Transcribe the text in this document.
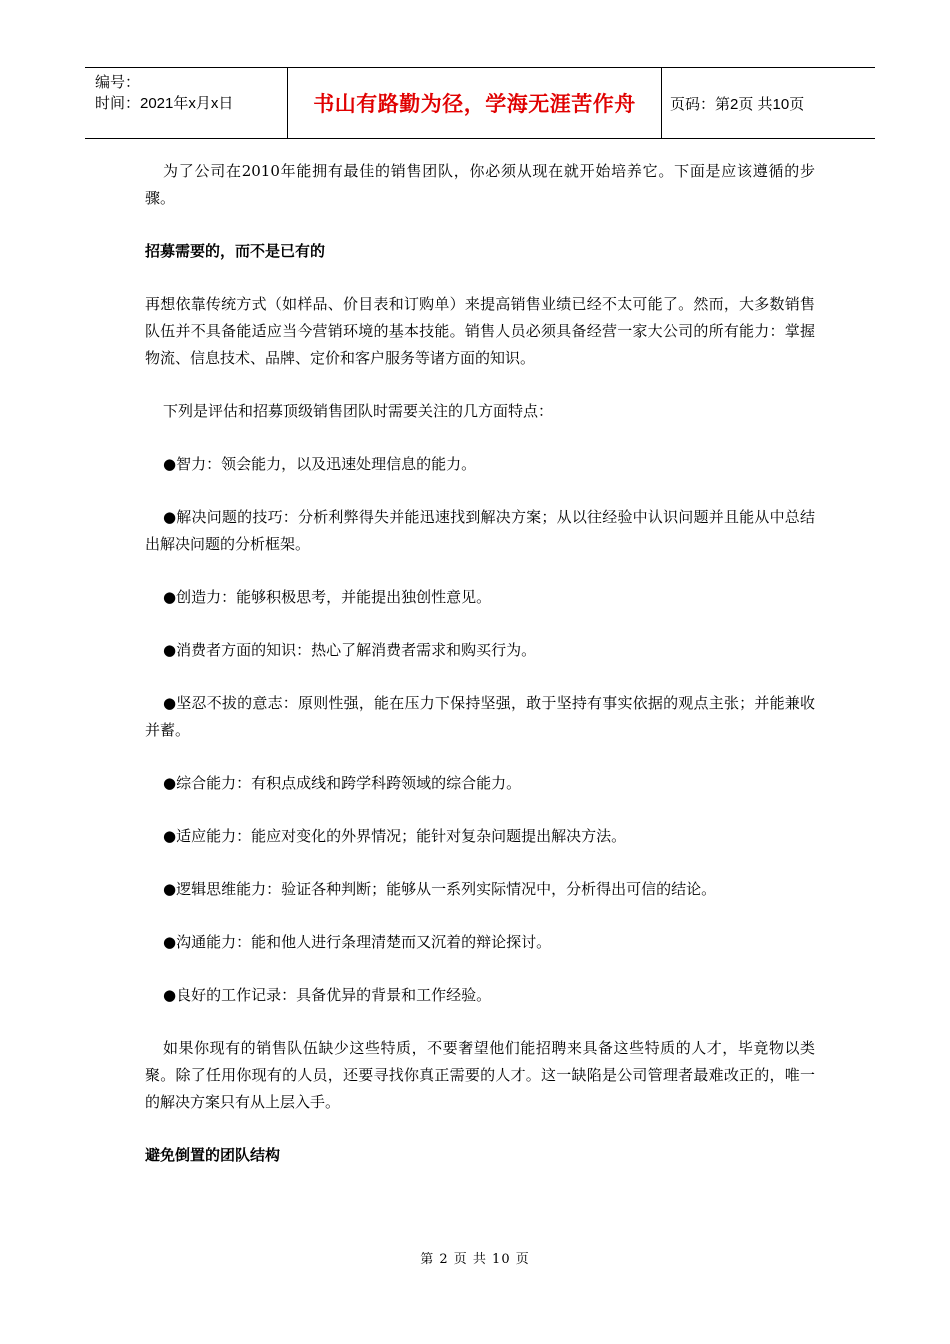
编号：
时间：2021年x月x日	书山有路勤为径，学海无涯苦作舟 页码：第2页 共10页

为了公司在2010年能拥有最佳的销售团队，你必须从现在就开始培养它。下面是应该遵循的步骤。

招募需要的，而不是已有的

再想依靠传统方式（如样品、价目表和订购单）来提高销售业绩已经不太可能了。然而，大多数销售队伍并不具备能适应当今营销环境的基本技能。销售人员必须具备经营一家大公司的所有能力：掌握物流、信息技术、品牌、定价和客户服务等诸方面的知识。

下列是评估和招募顶级销售团队时需要关注的几方面特点：

●智力：领会能力，以及迅速处理信息的能力。

●解决问题的技巧：分析利弊得失并能迅速找到解决方案；从以往经验中认识问题并且能从中总结出解决问题的分析框架。

●创造力：能够积极思考，并能提出独创性意见。

●消费者方面的知识：热心了解消费者需求和购买行为。

●坚忍不拔的意志：原则性强，能在压力下保持坚强，敢于坚持有事实依据的观点主张；并能兼收并蓄。

●综合能力：有积点成线和跨学科跨领域的综合能力。

●适应能力：能应对变化的外界情况；能针对复杂问题提出解决方法。

●逻辑思维能力：验证各种判断；能够从一系列实际情况中，分析得出可信的结论。

●沟通能力：能和他人进行条理清楚而又沉着的辩论探讨。

●良好的工作记录：具备优异的背景和工作经验。

如果你现有的销售队伍缺少这些特质，不要奢望他们能招聘来具备这些特质的人才，毕竟物以类聚。除了任用你现有的人员，还要寻找你真正需要的人才。这一缺陷是公司管理者最难改正的，唯一的解决方案只有从上层入手。

避免倒置的团队结构

第 2 页 共 10 页
